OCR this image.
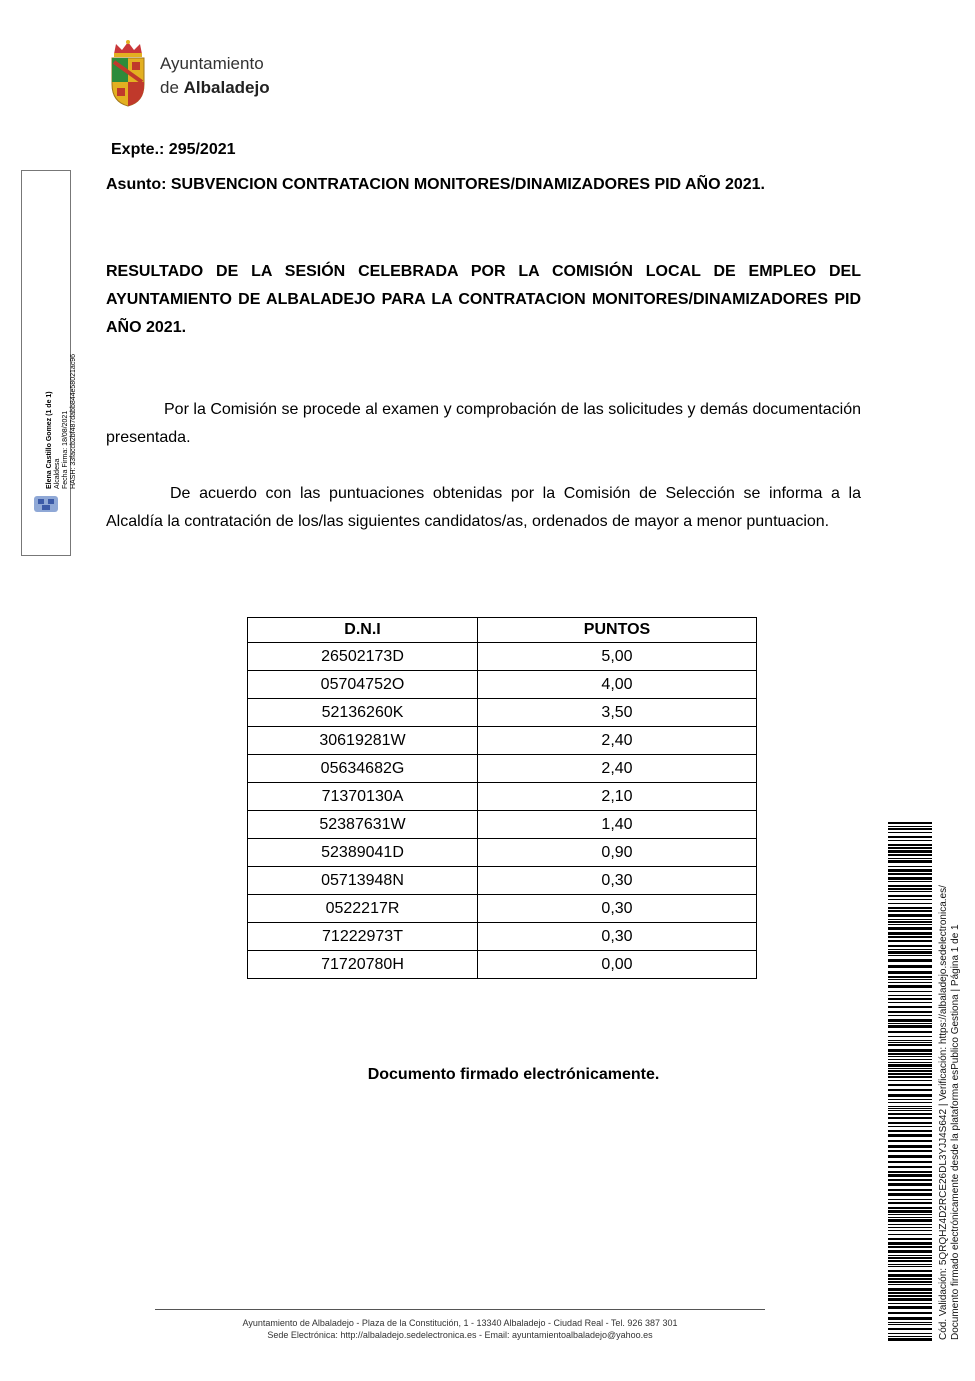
Ayuntamiento
de Albaladejo
Expte.: 295/2021
Asunto: SUBVENCION CONTRATACION MONITORES/DINAMIZADORES PID AÑO 2021.
RESULTADO DE LA SESIÓN CELEBRADA POR LA COMISIÓN LOCAL DE EMPLEO DEL AYUNTAMIENTO DE ALBALADEJO PARA LA CONTRATACION MONITORES/DINAMIZADORES PID AÑO 2021.
Por la Comisión se procede al examen y comprobación de las solicitudes y demás documentación presentada.
De acuerdo con las puntuaciones obtenidas por la Comisión de Selección se informa a la Alcaldía la contratación de los/las siguientes candidatos/as, ordenados de mayor a menor puntuacion.
Elena Castillo Gomez (1 de 1) Alcaldesa Fecha Firma: 18/08/2021 HASH: 33faccb2bf487dabb844e58021ac96
D.N.I	PUNTOS
26502173D	5,00
05704752O	4,00
52136260K	3,50
30619281W	2,40
05634682G	2,40
71370130A	2,10
52387631W	1,40
52389041D	0,90
05713948N	0,30
0522217R	0,30
71222973T	0,30
71720780H	0,00
Documento firmado electrónicamente.	Cód. Validación: 5QRQHZ4D2RCE26DL3YJJ4S642 | Verificación: https://albaladejo.sedelectronica.es/ Documento firmado electrónicamente desde la plataforma esPublico Gestiona | Página 1 de 1
Ayuntamiento de Albaladejo - Plaza de la Constitución, 1 - 13340 Albaladejo - Ciudad Real - Tel. 926 387 301
Sede Electrónica: http://albaladejo.sedelectronica.es - Email: ayuntamientoalbaladejo@yahoo.es
